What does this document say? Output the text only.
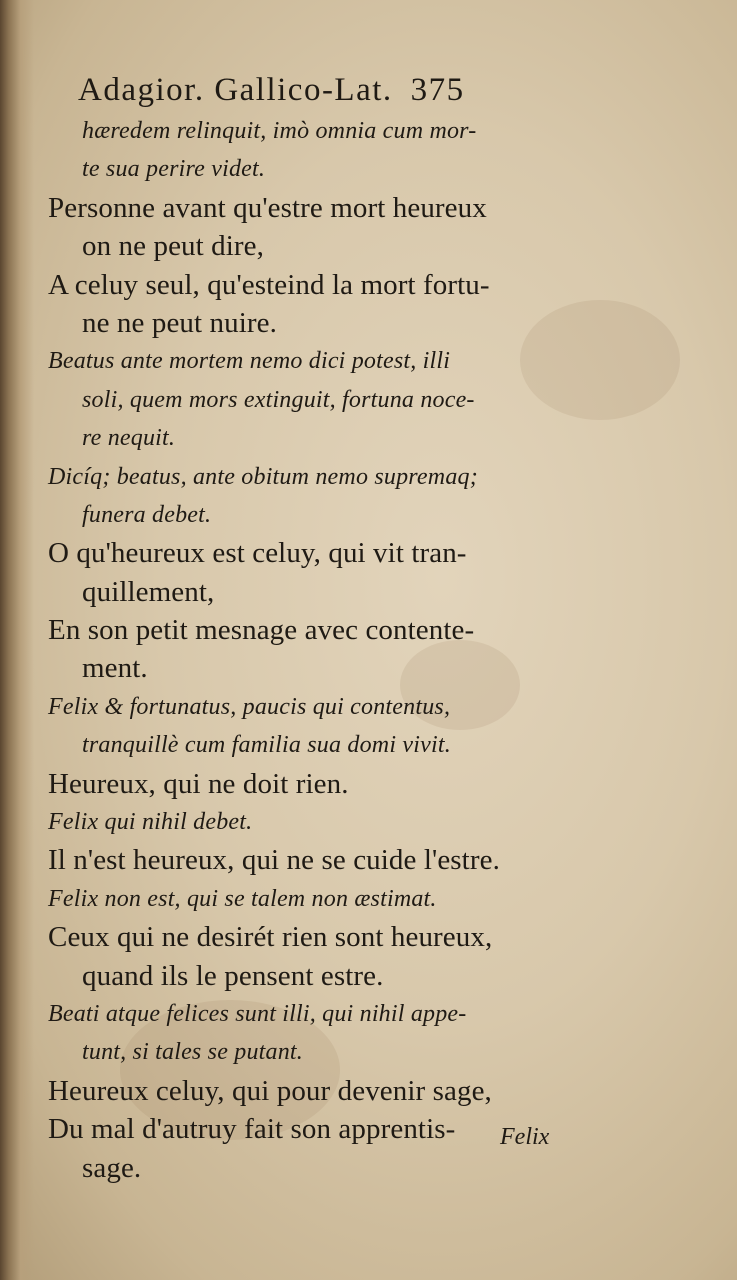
Adagior. Gallico-Lat. 375
hæredem relinquit, imò omnia cum mor-
te sua perire videt.
Personne avant qu'estre mort heureux
on ne peut dire,
A celuy seul, qu'esteind la mort fortu-
ne ne peut nuire.
Beatus ante mortem nemo dici potest, illi
soli, quem mors extinguit, fortuna noce-
re nequit.
Dicíq; beatus, ante obitum nemo supremaq;
funera debet.
O qu'heureux est celuy, qui vit tran-
quillement,
En son petit mesnage avec contente-
ment.
Felix & fortunatus, paucis qui contentus,
tranquillè cum familia sua domi vivit.
Heureux, qui ne doit rien.
Felix qui nihil debet.
Il n'est heureux, qui ne se cuide l'estre.
Felix non est, qui se talem non æstimat.
Ceux qui ne desirét rien sont heureux,
quand ils le pensent estre.
Beati atque felices sunt illi, qui nihil appe-
tunt, si tales se putant.
Heureux celuy, qui pour devenir sage,
Du mal d'autruy fait son apprentis-
sage.
Felix
